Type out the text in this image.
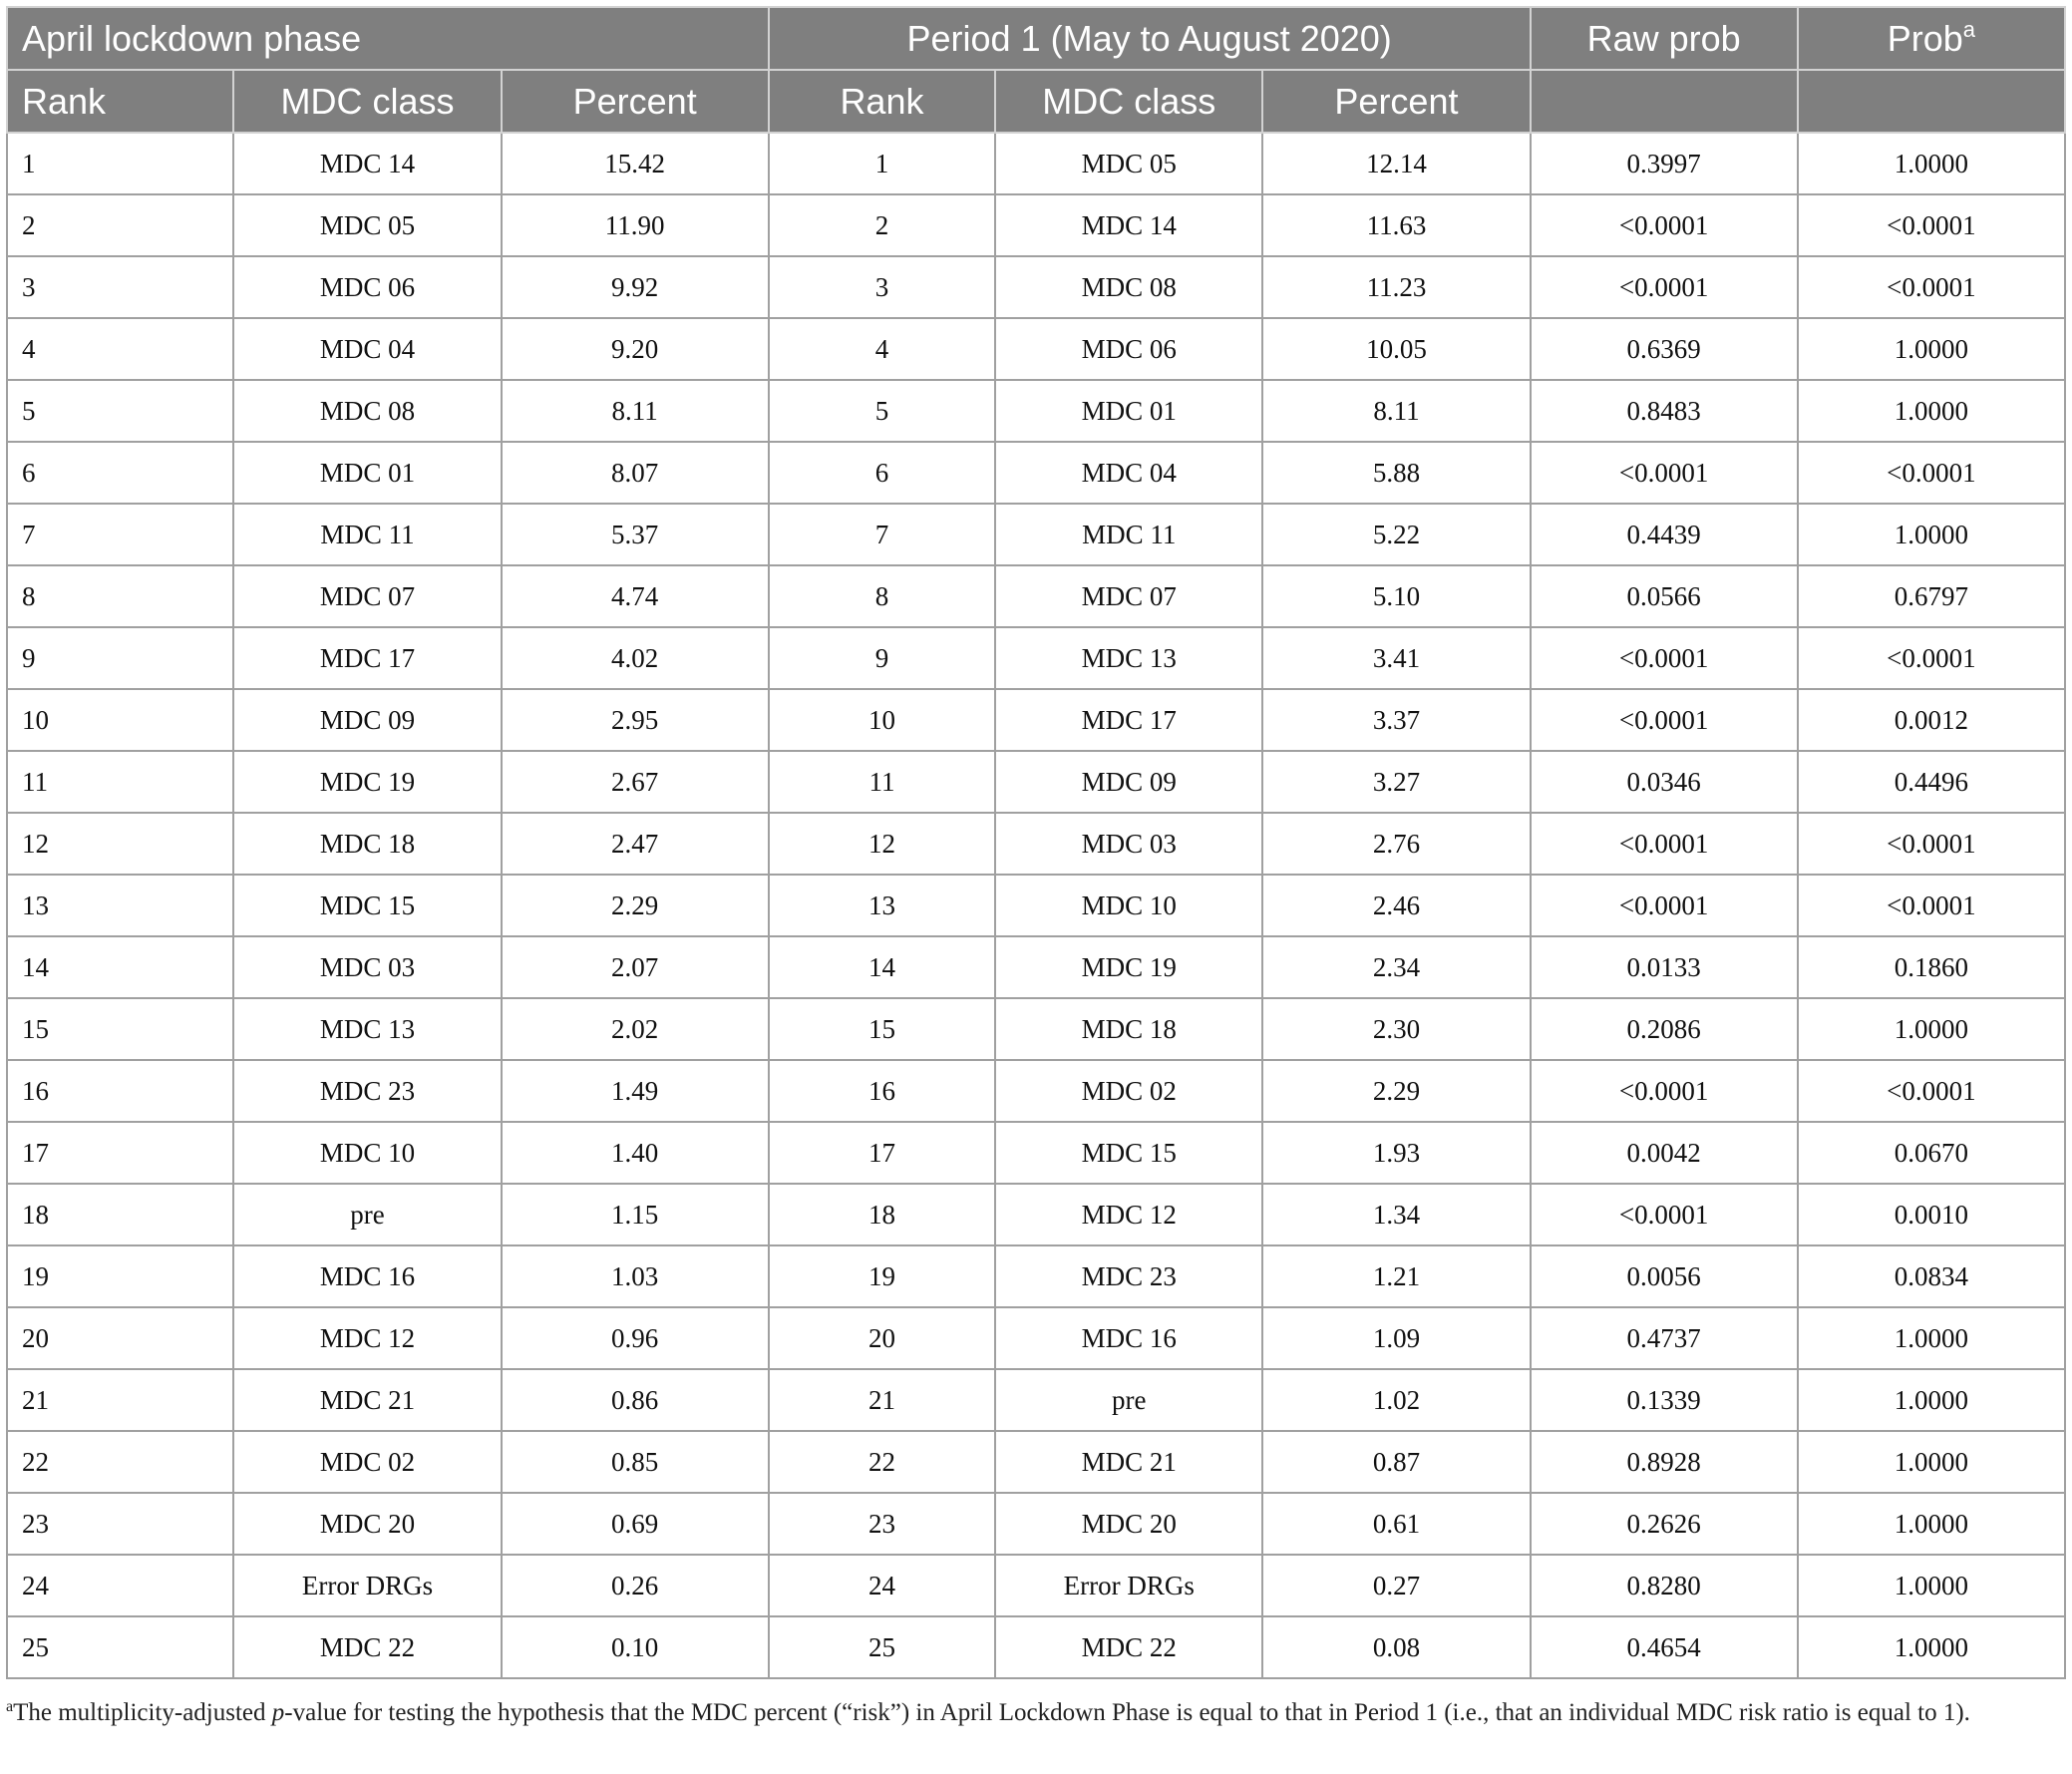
April lockdown phase			Period 1 (May to August 2020)			Raw prob	Prob$^a$
Rank	MDC class	Percent	Rank	MDC class	Percent		
1	MDC 14	15.42	1	MDC 05	12.14	0.3997	1.0000
2	MDC 05	11.90	2	MDC 14	11.63	<0.0001	<0.0001
3	MDC 06	9.92	3	MDC 08	11.23	<0.0001	<0.0001
4	MDC 04	9.20	4	MDC 06	10.05	0.6369	1.0000
5	MDC 08	8.11	5	MDC 01	8.11	0.8483	1.0000
6	MDC 01	8.07	6	MDC 04	5.88	<0.0001	<0.0001
7	MDC 11	5.37	7	MDC 11	5.22	0.4439	1.0000
8	MDC 07	4.74	8	MDC 07	5.10	0.0566	0.6797
9	MDC 17	4.02	9	MDC 13	3.41	<0.0001	<0.0001
10	MDC 09	2.95	10	MDC 17	3.37	<0.0001	0.0012
11	MDC 19	2.67	11	MDC 09	3.27	0.0346	0.4496
12	MDC 18	2.47	12	MDC 03	2.76	<0.0001	<0.0001
13	MDC 15	2.29	13	MDC 10	2.46	<0.0001	<0.0001
14	MDC 03	2.07	14	MDC 19	2.34	0.0133	0.1860
15	MDC 13	2.02	15	MDC 18	2.30	0.2086	1.0000
16	MDC 23	1.49	16	MDC 02	2.29	<0.0001	<0.0001
17	MDC 10	1.40	17	MDC 15	1.93	0.0042	0.0670
18	pre	1.15	18	MDC 12	1.34	<0.0001	0.0010
19	MDC 16	1.03	19	MDC 23	1.21	0.0056	0.0834
20	MDC 12	0.96	20	MDC 16	1.09	0.4737	1.0000
21	MDC 21	0.86	21	pre	1.02	0.1339	1.0000
22	MDC 02	0.85	22	MDC 21	0.87	0.8928	1.0000
23	MDC 20	0.69	23	MDC 20	0.61	0.2626	1.0000
24	Error DRGs	0.26	24	Error DRGs	0.27	0.8280	1.0000
25	MDC 22	0.10	25	MDC 22	0.08	0.4654	1.0000
$^a$The multiplicity-adjusted p-value for testing the hypothesis that the MDC percent (“risk”) in April Lockdown Phase is equal to that in Period 1 (i.e., that an individual MDC risk ratio is equal to 1).
